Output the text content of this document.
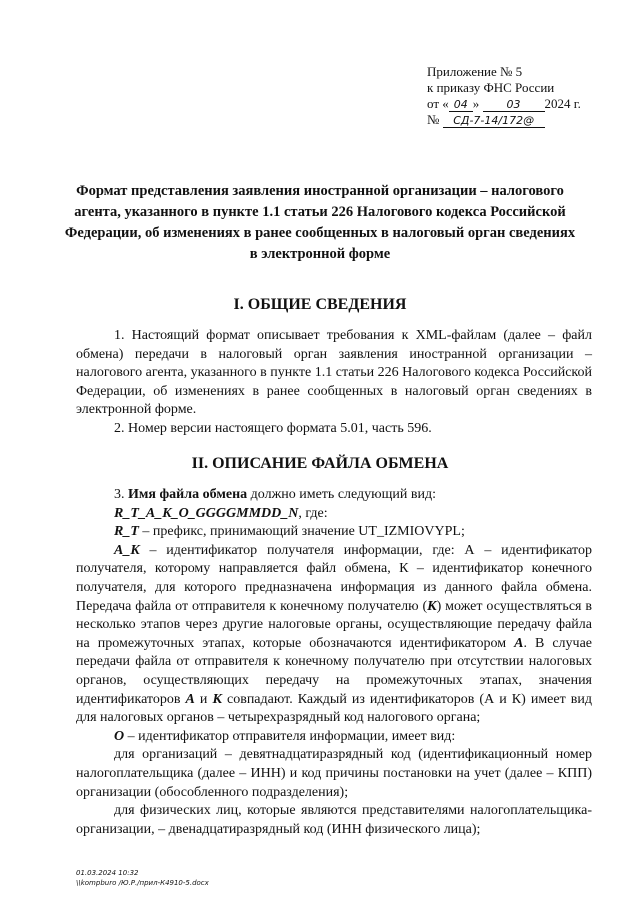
Приложение № 5
к приказу ФНС России
от « 04 » 03 2024 г.
№ СД-7-14/172@
Формат представления заявления иностранной организации – налогового агента, указанного в пункте 1.1 статьи 226 Налогового кодекса Российской Федерации, об изменениях в ранее сообщенных в налоговый орган сведениях в электронной форме
I. ОБЩИЕ СВЕДЕНИЯ

1. Настоящий формат описывает требования к XML-файлам (далее – файл обмена) передачи в налоговый орган заявления иностранной организации – налогового агента, указанного в пункте 1.1 статьи 226 Налогового кодекса Российской Федерации, об изменениях в ранее сообщенных в налоговый орган сведениях в электронной форме.

2. Номер версии настоящего формата 5.01, часть 596.

II. ОПИСАНИЕ ФАЙЛА ОБМЕНА

3. Имя файла обмена должно иметь следующий вид:

R_T_A_K_O_GGGGMMDD_N, где:

R_T – префикс, принимающий значение UT_IZMIOVYPL;

A_K – идентификатор получателя информации, где: А – идентификатор получателя, которому направляется файл обмена, К – идентификатор конечного получателя, для которого предназначена информация из данного файла обмена. Передача файла от отправителя к конечному получателю (К) может осуществляться в несколько этапов через другие налоговые органы, осуществляющие передачу файла на промежуточных этапах, которые обозначаются идентификатором А. В случае передачи файла от отправителя к конечному получателю при отсутствии налоговых органов, осуществляющих передачу на промежуточных этапах, значения идентификаторов А и К совпадают. Каждый из идентификаторов (А и К) имеет вид для налоговых органов – четырехразрядный код налогового органа;

O – идентификатор отправителя информации, имеет вид:

для организаций – девятнадцатиразрядный код (идентификационный номер налогоплательщика (далее – ИНН) и код причины постановки на учет (далее – КПП) организации (обособленного подразделения);

для физических лиц, которые являются представителями налогоплательщика-организации, – двенадцатиразрядный код (ИНН физического лица);

01.03.2024 10:32
\\kompburo /Ю.Р./прил-К4910-5.docx
